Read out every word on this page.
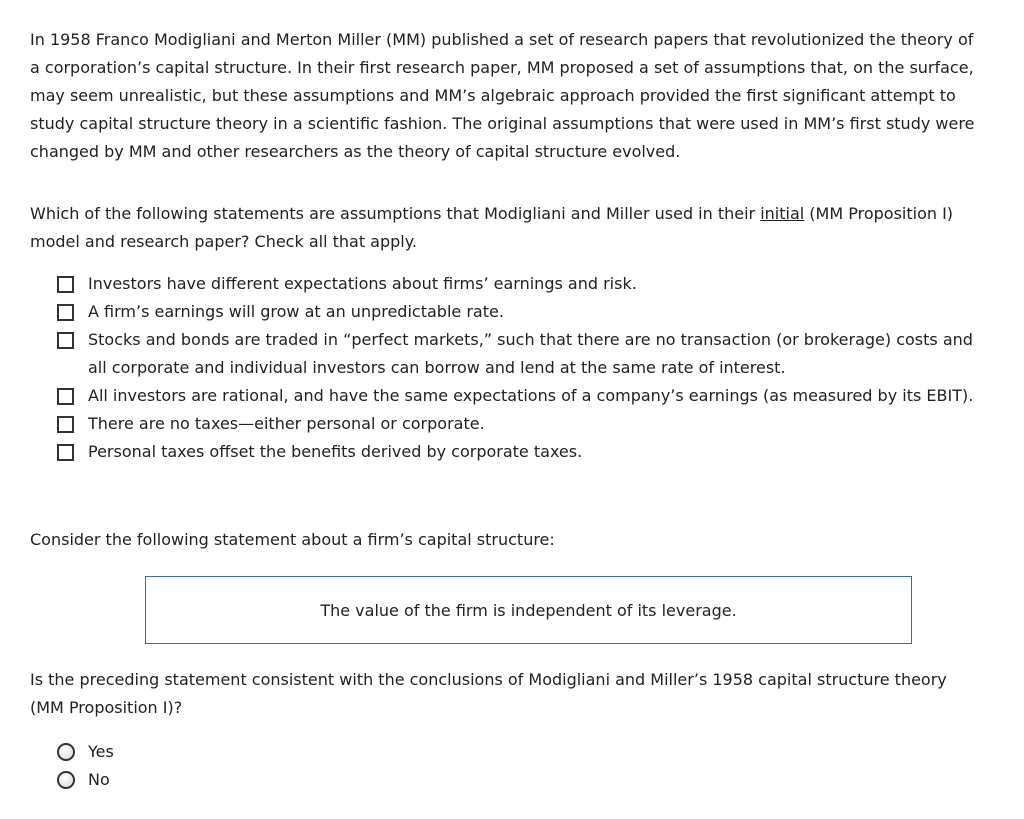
In 1958 Franco Modigliani and Merton Miller (MM) published a set of research papers that revolutionized the theory of
a corporation’s capital structure. In their first research paper, MM proposed a set of assumptions that, on the surface,
may seem unrealistic, but these assumptions and MM’s algebraic approach provided the first significant attempt to
study capital structure theory in a scientific fashion. The original assumptions that were used in MM’s first study were
changed by MM and other researchers as the theory of capital structure evolved.

Which of the following statements are assumptions that Modigliani and Miller used in their initial (MM Proposition I)
model and research paper? Check all that apply.

Investors have different expectations about firms’ earnings and risk.
A firm’s earnings will grow at an unpredictable rate.
Stocks and bonds are traded in “perfect markets,” such that there are no transaction (or brokerage) costs and
all corporate and individual investors can borrow and lend at the same rate of interest.
All investors are rational, and have the same expectations of a company’s earnings (as measured by its EBIT).
There are no taxes—either personal or corporate.
Personal taxes offset the benefits derived by corporate taxes.

Consider the following statement about a firm’s capital structure:

The value of the firm is independent of its leverage.

Is the preceding statement consistent with the conclusions of Modigliani and Miller’s 1958 capital structure theory
(MM Proposition I)?

Yes
No
